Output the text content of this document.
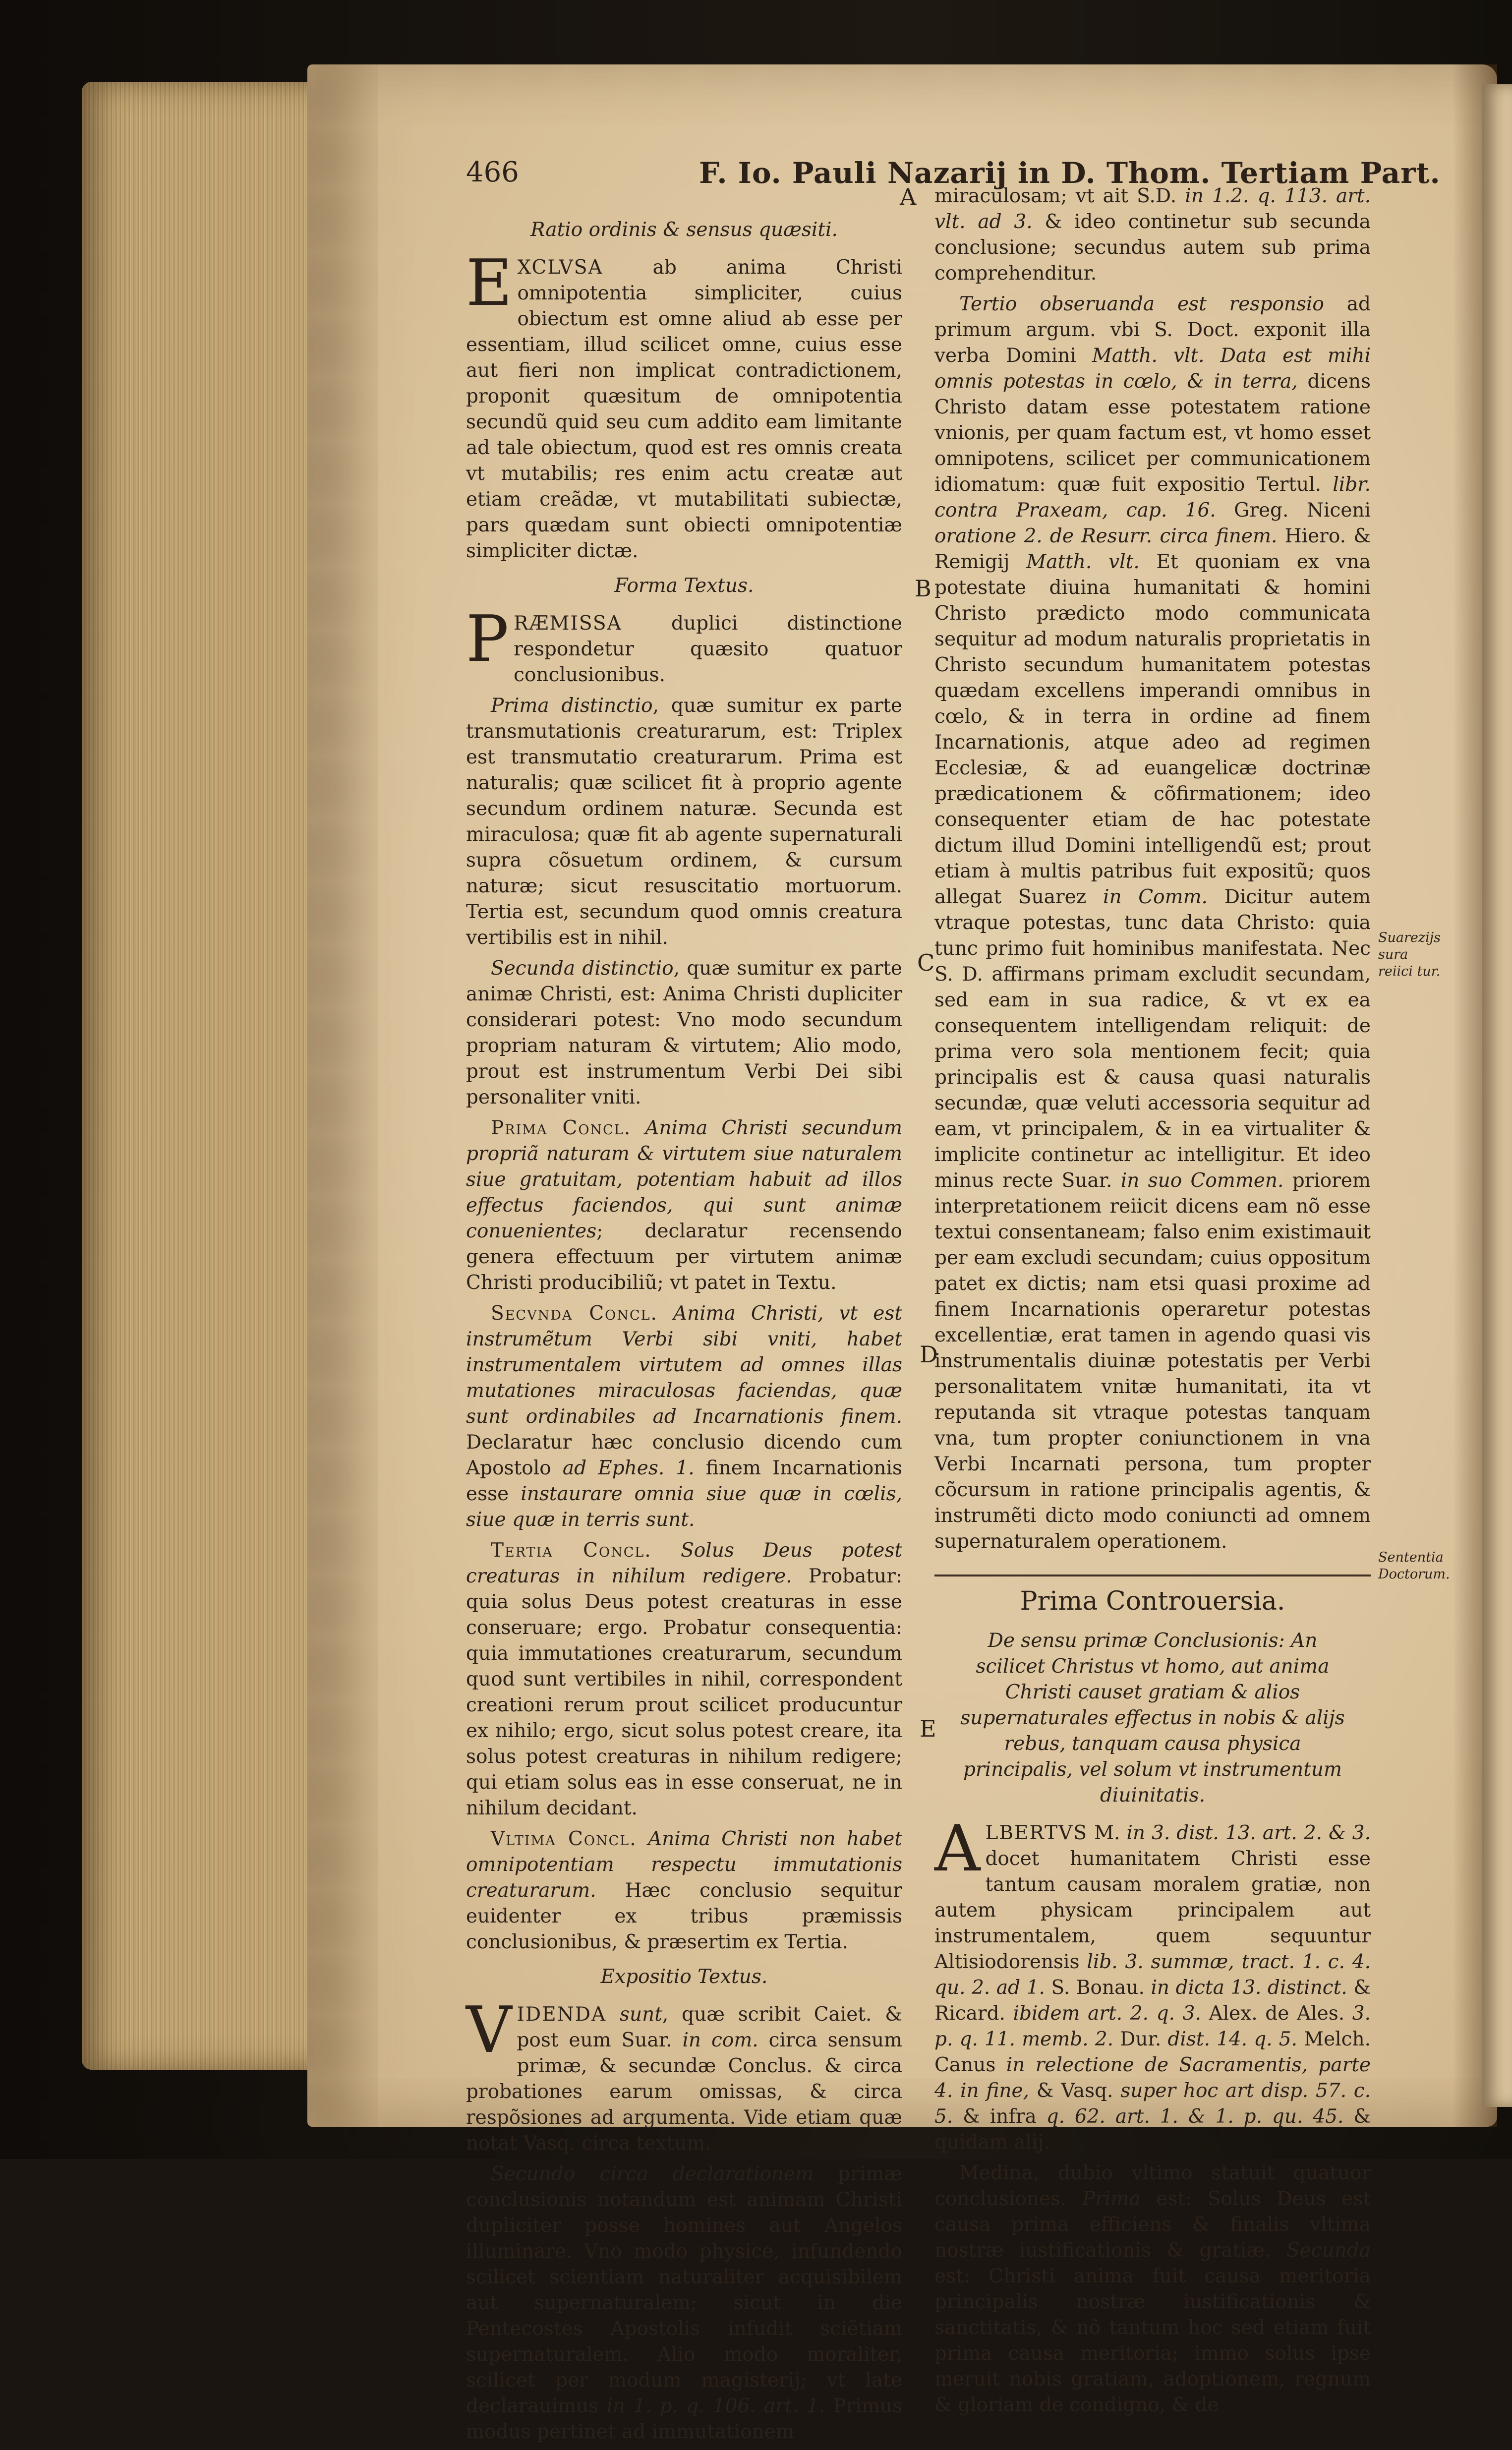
466	F. Io. Pauli Nazarij in D. Thom. Tertiam Part.

Ratio ordinis & sensus quæsiti.

EXCLVSA ab anima Christi omnipotentia simpliciter, cuius obiectum est omne aliud ab esse per essentiam, illud scilicet omne, cuius esse aut fieri non implicat contradictionem, proponit quæsitum de omnipotentia secundũ quid seu cum addito eam limitante ad tale obiectum, quod est res omnis creata vt mutabilis; res enim actu creatæ aut etiam creãdæ, vt mutabilitati subiectæ, pars quædam sunt obiecti omnipotentiæ simpliciter dictæ.

Forma Textus.

PRÆMISSA duplici distinctione respondetur quæsito quatuor conclusionibus.

Prima distinctio, quæ sumitur ex parte transmutationis creaturarum, est: Triplex est transmutatio creaturarum. Prima est naturalis; quæ scilicet fit à proprio agente secundum ordinem naturæ. Secunda est miraculosa; quæ fit ab agente supernaturali supra cõsuetum ordinem, & cursum naturæ; sicut resuscitatio mortuorum. Tertia est, secundum quod omnis creatura vertibilis est in nihil.

Secunda distinctio, quæ sumitur ex parte animæ Christi, est: Anima Christi dupliciter considerari potest: Vno modo secundum propriam naturam & virtutem; Alio modo, prout est instrumentum Verbi Dei sibi personaliter vniti.

Prima Concl. Anima Christi secundum propriã naturam & virtutem siue naturalem siue gratuitam, potentiam habuit ad illos effectus faciendos, qui sunt animæ conuenientes; declaratur recensendo genera effectuum per virtutem animæ Christi producibiliũ; vt patet in Textu.

Secvnda Concl. Anima Christi, vt est instrumẽtum Verbi sibi vniti, habet instrumentalem virtutem ad omnes illas mutationes miraculosas faciendas, quæ sunt ordinabiles ad Incarnationis finem. Declaratur hæc conclusio dicendo cum Apostolo ad Ephes. 1. finem Incarnationis esse instaurare omnia siue quæ in cœlis, siue quæ in terris sunt.

Tertia Concl. Solus Deus potest creaturas in nihilum redigere. Probatur: quia solus Deus potest creaturas in esse conseruare; ergo. Probatur consequentia: quia immutationes creaturarum, secundum quod sunt vertibiles in nihil, correspondent creationi rerum prout scilicet producuntur ex nihilo; ergo, sicut solus potest creare, ita solus potest creaturas in nihilum redigere; qui etiam solus eas in esse conseruat, ne in nihilum decidant.

Vltima Concl. Anima Christi non habet omnipotentiam respectu immutationis creaturarum. Hæc conclusio sequitur euidenter ex tribus præmissis conclusionibus, & præsertim ex Tertia.

Expositio Textus.

VIDENDA sunt, quæ scribit Caiet. & post eum Suar. in com. circa sensum primæ, & secundæ Conclus. & circa probationes earum omissas, & circa respõsiones ad argumenta. Vide etiam quæ notat Vasq. circa textum.

Secundo circa declarationem primæ conclusionis notandum est animam Christi dupliciter posse homines aut Angelos illuminare. Vno modo physice, infundendo scilicet scientiam naturaliter acquisibilem aut supernaturalem; sicut in die Pentecostes Apostolis infudit sciẽtiam supernaturalem. Alio modo moraliter, scilicet per modum magisterij; vt late declarauimus in 1. p. q. 106. art. 1. Primus modus pertinet ad immutationem

miraculosam; vt ait S.D. in 1.2. q. 113. art. vlt. ad 3. & ideo continetur sub secunda conclusione; secundus autem sub prima comprehenditur.

Tertio obseruanda est responsio ad primum argum. vbi S. Doct. exponit illa verba Domini Matth. vlt. Data est mihi omnis potestas in cœlo, & in terra, dicens Christo datam esse potestatem ratione vnionis, per quam factum est, vt homo esset omnipotens, scilicet per communicationem idiomatum: quæ fuit expositio Tertul. libr. contra Praxeam, cap. 16. Greg. Niceni oratione 2. de Resurr. circa finem. Hiero. & Remigij Matth. vlt. Et quoniam ex vna potestate diuina humanitati & homini Christo prædicto modo communicata sequitur ad modum naturalis proprietatis in Christo secundum humanitatem potestas quædam excellens imperandi omnibus in cœlo, & in terra in ordine ad finem Incarnationis, atque adeo ad regimen Ecclesiæ, & ad euangelicæ doctrinæ prædicationem & cõfirmationem; ideo consequenter etiam de hac potestate dictum illud Domini intelligendũ est; prout etiam à multis patribus fuit expositũ; quos allegat Suarez in Comm. Dicitur autem vtraque potestas, tunc data Christo: quia tunc primo fuit hominibus manifestata. Nec S. D. affirmans primam excludit secundam, sed eam in sua radice, & vt ex ea consequentem intelligendam reliquit: de prima vero sola mentionem fecit; quia principalis est & causa quasi naturalis secundæ, quæ veluti accessoria sequitur ad eam, vt principalem, & in ea virtualiter & implicite continetur ac intelligitur. Et ideo minus recte Suar. in suo Commen. priorem interpretationem reiicit dicens eam nõ esse textui consentaneam; falso enim existimauit per eam excludi secundam; cuius oppositum patet ex dictis; nam etsi quasi proxime ad finem Incarnationis operaretur potestas excellentiæ, erat tamen in agendo quasi vis instrumentalis diuinæ potestatis per Verbi personalitatem vnitæ humanitati, ita vt reputanda sit vtraque potestas tanquam vna, tum propter coniunctionem in vna Verbi Incarnati persona, tum propter cõcursum in ratione principalis agentis, & instrumẽti dicto modo coniuncti ad omnem supernaturalem operationem.

Prima Controuersia.

De sensu primæ Conclusionis: An scilicet Christus vt homo, aut anima Christi causet gratiam & alios supernaturales effectus in nobis & alijs rebus, tanquam causa physica principalis, vel solum vt instrumentum diuinitatis.

ALBERTVS M. in 3. dist. 13. art. 2. & 3. docet humanitatem Christi esse tantum causam moralem gratiæ, non autem physicam principalem aut instrumentalem, quem sequuntur Altisiodorensis lib. 3. summæ, tract. 1. c. 4. qu. 2. ad 1. S. Bonau. in dicta 13. distinct. & Ricard. ibidem art. 2. q. 3. Alex. de Ales. 3. p. q. 11. memb. 2. Dur. dist. 14. q. 5. Melch. Canus in relectione de Sacramentis, parte 4. in fine, & Vasq. super hoc art disp. 57. c. 5. & infra q. 62. art. 1. & 1. p. qu. 45. & quidam alij.

Medina, dubio vltimo statuit quatuor conclusiones. Prima est: Solus Deus est causa prima efficiens & finalis vltima nostræ iustificationis & gratiæ. Secunda est: Christi anima fuit causa meritoria principalis nostræ iustificationis & sanctitatis, & nõ tantum hoc sed etiam fuit prima causa meritoria; immo solus ipse meruit nobis gratiam, adoptionem, regnum & gloriam de condigno, & de

A
B
C
D
E
Suarezijs sura reiici tur.
Sententia Doctorum.
